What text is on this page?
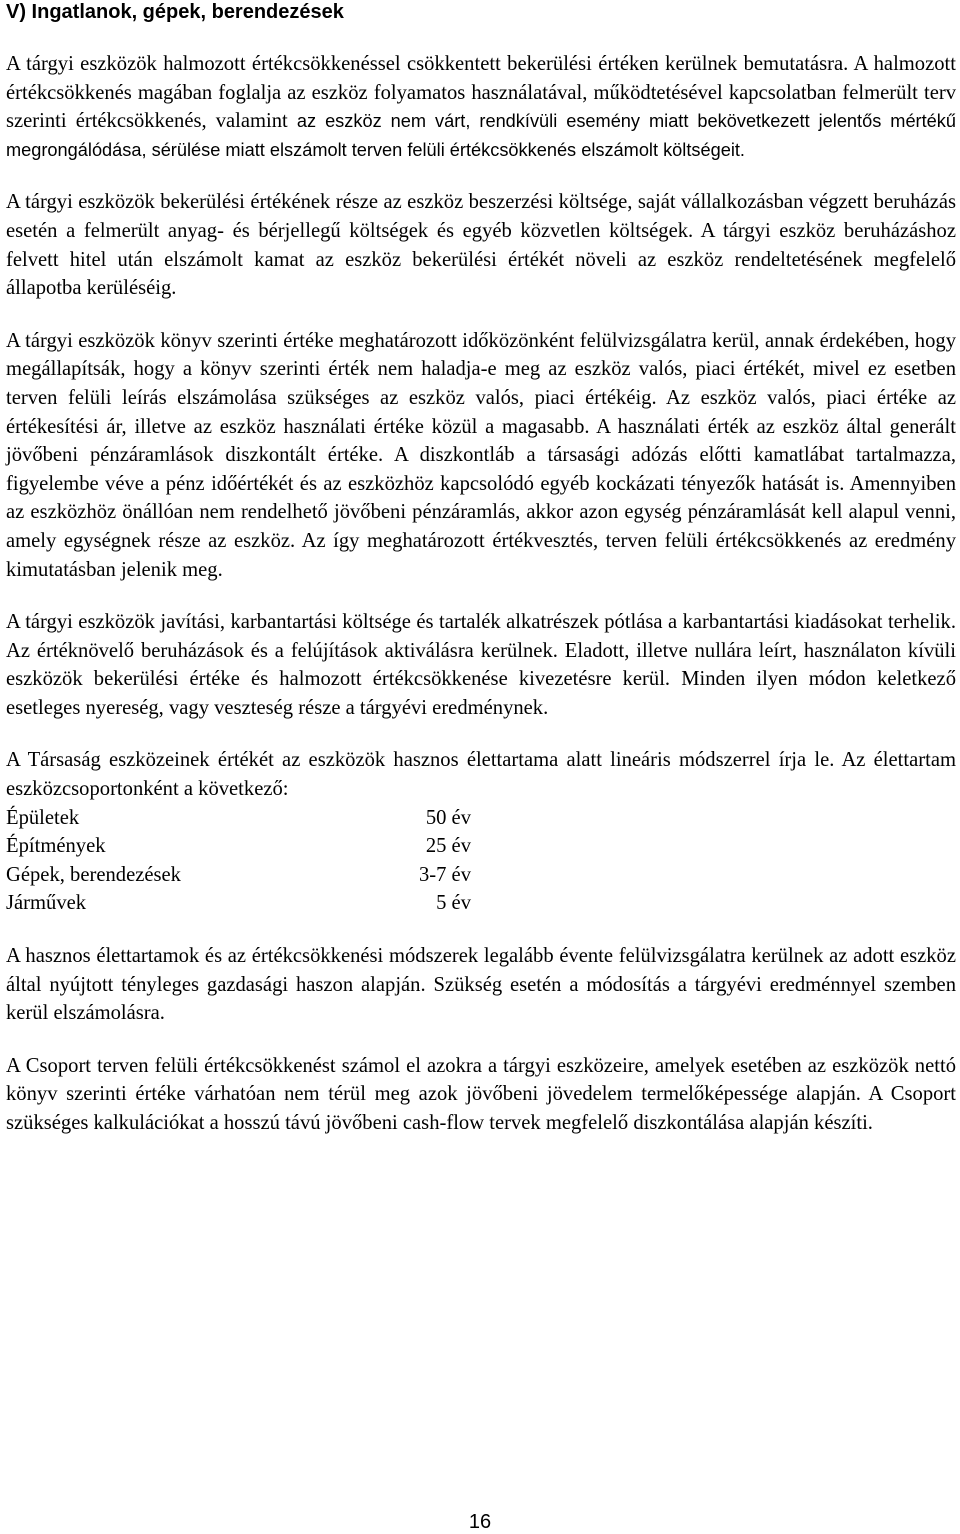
V) Ingatlanok, gépek, berendezések

A tárgyi eszközök halmozott értékcsökkenéssel csökkentett bekerülési értéken kerülnek bemutatásra. A halmozott értékcsökkenés magában foglalja az eszköz folyamatos használatával, működtetésével kapcsolatban felmerült terv szerinti értékcsökkenés, valamint az eszköz nem várt, rendkívüli esemény miatt bekövetkezett jelentős mértékű megrongálódása, sérülése miatt elszámolt terven felüli értékcsökkenés elszámolt költségeit.

A tárgyi eszközök bekerülési értékének része az eszköz beszerzési költsége, saját vállalkozásban végzett beruházás esetén a felmerült anyag- és bérjellegű költségek és egyéb közvetlen költségek. A tárgyi eszköz beruházáshoz felvett hitel után elszámolt kamat az eszköz bekerülési értékét növeli az eszköz rendeltetésének megfelelő állapotba kerüléséig.

A tárgyi eszközök könyv szerinti értéke meghatározott időközönként felülvizsgálatra kerül, annak érdekében, hogy megállapítsák, hogy a könyv szerinti érték nem haladja-e meg az eszköz valós, piaci értékét, mivel ez esetben terven felüli leírás elszámolása szükséges az eszköz valós, piaci értékéig. Az eszköz valós, piaci értéke az értékesítési ár, illetve az eszköz használati értéke közül a magasabb. A használati érték az eszköz által generált jövőbeni pénzáramlások diszkontált értéke. A diszkontláb a társasági adózás előtti kamatlábat tartalmazza, figyelembe véve a pénz időértékét és az eszközhöz kapcsolódó egyéb kockázati tényezők hatását is. Amennyiben az eszközhöz önállóan nem rendelhető jövőbeni pénzáramlás, akkor azon egység pénzáramlását kell alapul venni, amely egységnek része az eszköz. Az így meghatározott értékvesztés, terven felüli értékcsökkenés az eredmény kimutatásban jelenik meg.

A tárgyi eszközök javítási, karbantartási költsége és tartalék alkatrészek pótlása a karbantartási kiadásokat terhelik. Az értéknövelő beruházások és a felújítások aktiválásra kerülnek. Eladott, illetve nullára leírt, használaton kívüli eszközök bekerülési értéke és halmozott értékcsökkenése kivezetésre kerül. Minden ilyen módon keletkező esetleges nyereség, vagy veszteség része a tárgyévi eredménynek.

A Társaság eszközeinek értékét az eszközök hasznos élettartama alatt lineáris módszerrel írja le. Az élettartam eszközcsoportonként a következő:

Épületek	50 év
Építmények	25 év
Gépek, berendezések	3-7 év
Járművek	5 év

A hasznos élettartamok és az értékcsökkenési módszerek legalább évente felülvizsgálatra kerülnek az adott eszköz által nyújtott tényleges gazdasági haszon alapján. Szükség esetén a módosítás a tárgyévi eredménnyel szemben kerül elszámolásra.

A Csoport terven felüli értékcsökkenést számol el azokra a tárgyi eszközeire, amelyek esetében az eszközök nettó könyv szerinti értéke várhatóan nem térül meg azok jövőbeni jövedelem termelőképessége alapján. A Csoport szükséges kalkulációkat a hosszú távú jövőbeni cash-flow tervek megfelelő diszkontálása alapján készíti.

16
